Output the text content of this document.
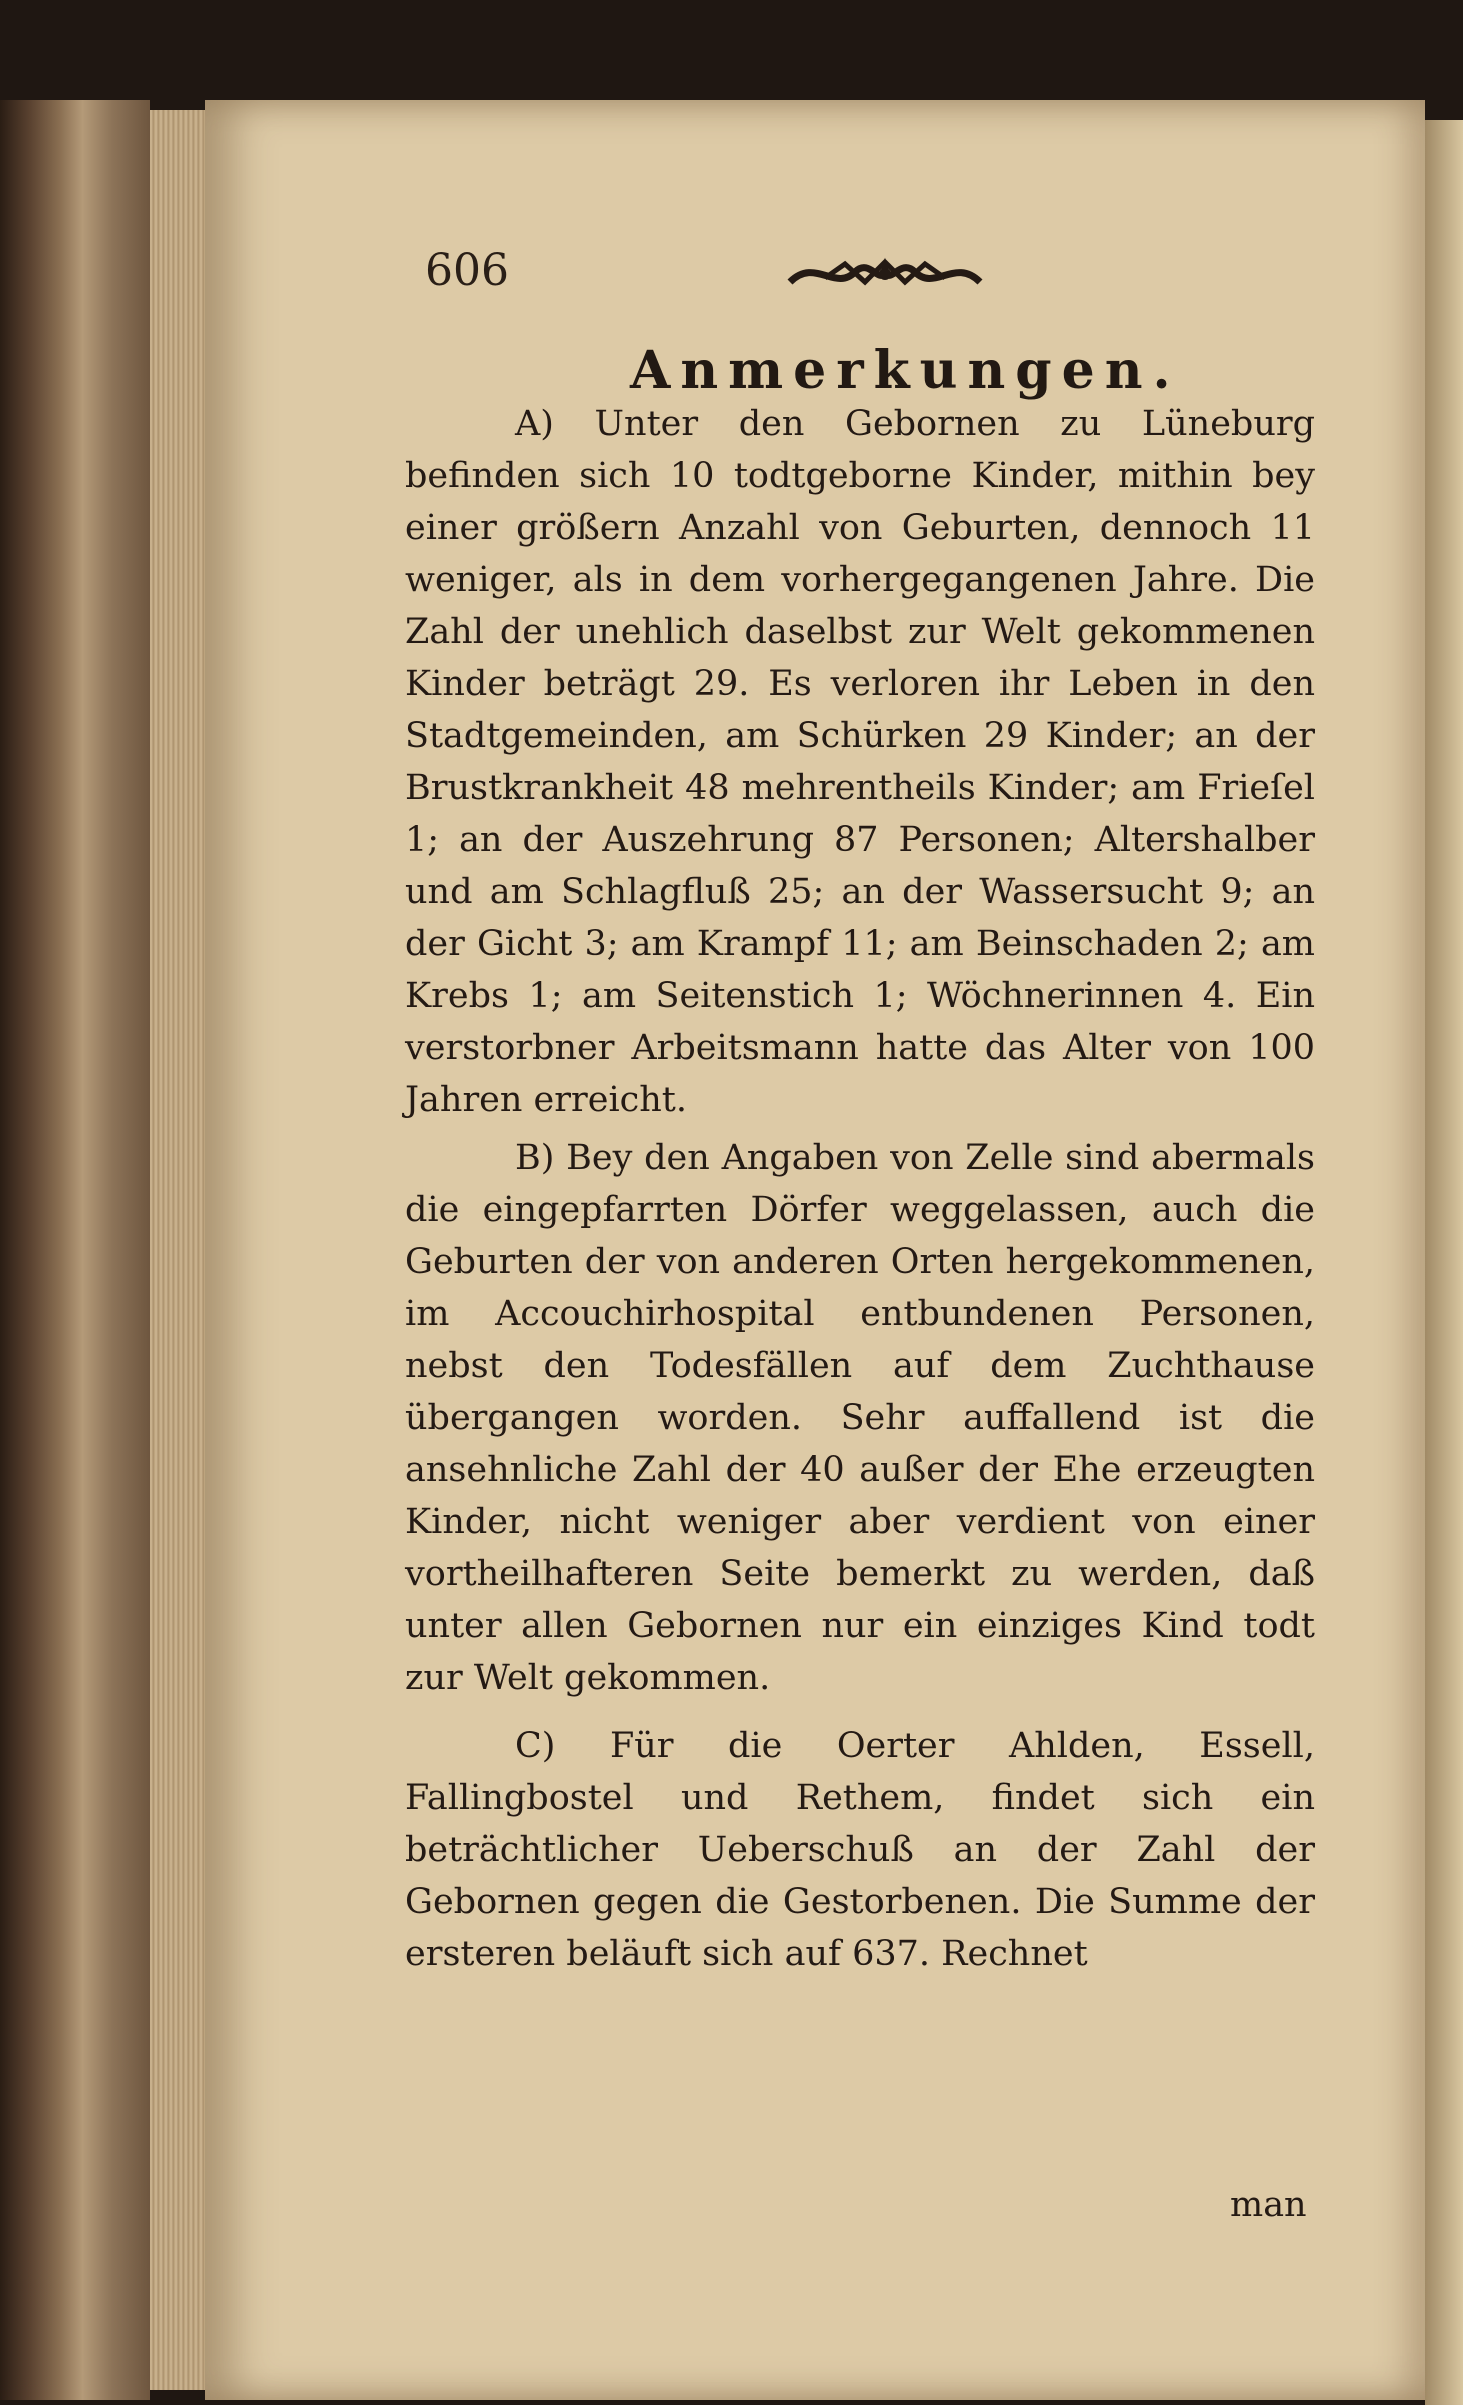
606
Anmerkungen.

A) Unter den Gebornen zu Lüneburg befinden sich 10 todtgeborne Kinder, mithin bey einer größern Anzahl von Geburten, dennoch 11 weniger, als in dem vorhergegangenen Jahre. Die Zahl der unehlich daselbst zur Welt gekommenen Kinder beträgt 29. Es verloren ihr Leben in den Stadtgemeinden, am Schürken 29 Kinder; an der Brustkrankheit 48 mehrentheils Kinder; am Frieſel 1; an der Auszehrung 87 Personen; Altershalber und am Schlagfluß 25; an der Wassersucht 9; an der Gicht 3; am Krampf 11; am Beinschaden 2; am Krebs 1; am Seitenstich 1; Wöchnerinnen 4. Ein verstorbner Arbeitsmann hatte das Alter von 100 Jahren erreicht.

B) Bey den Angaben von Zelle sind abermals die eingepfarrten Dörfer weggelassen, auch die Geburten der von anderen Orten hergekommenen, im Accouchirhospital entbundenen Personen, nebst den Todesfällen auf dem Zuchthause übergangen worden. Sehr auffallend ist die ansehnliche Zahl der 40 außer der Ehe erzeugten Kinder, nicht weniger aber verdient von einer vortheilhafteren Seite bemerkt zu werden, daß unter allen Gebornen nur ein einziges Kind todt zur Welt gekommen.

C) Für die Oerter Ahlden, Essell, Fallingbostel und Rethem, findet sich ein beträchtlicher Ueberschuß an der Zahl der Gebornen gegen die Gestorbenen. Die Summe der ersteren beläuft sich auf 637. Rechnet

man
